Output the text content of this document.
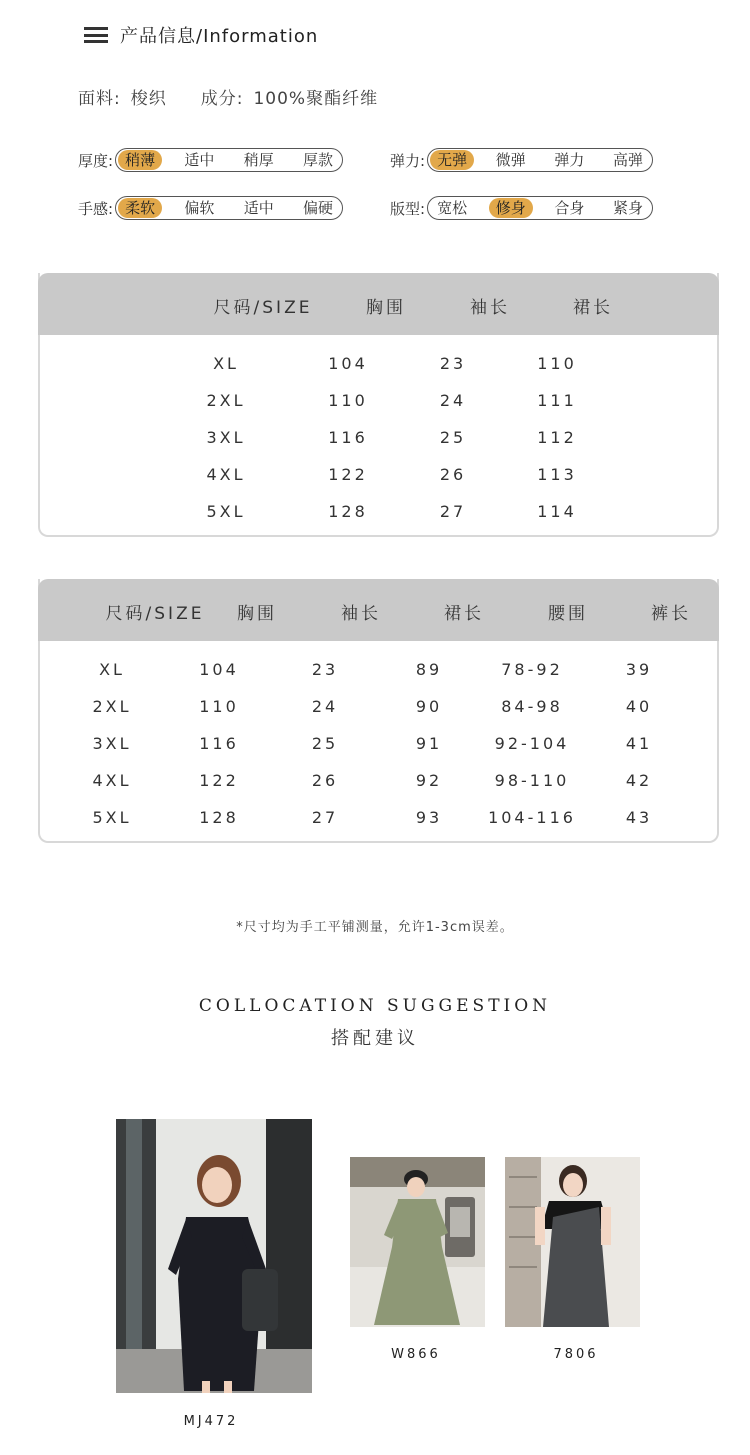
产品信息/Information
面料: 梭织 成分: 100%聚酯纤维
厚度: 稍薄	适中	稍厚	厚款	弹力: 无弹	微弹	弹力	高弹
手感: 柔软	偏软	适中	偏硬	版型: 宽松	修身	合身	紧身
尺码/SIZE	胸围	袖长	裙长
XL	104	23	110
2XL	110	24	111
3XL	116	25	112
4XL	122	26	113
5XL	128	27	114
尺码/SIZE 胸围	袖长	裙长	腰围	裤长
XL	104	23	89	78-92	39
2XL	110	24	90	84-98	40
3XL	116	25	91	92-104	41
4XL	122	26	92	98-110	42
5XL	128	27	93	104-116	43
*尺寸均为手工平铺测量，允许1-3cm误差。
COLLOCATION SUGGESTION
搭配建议
MJ472
W866	7806
